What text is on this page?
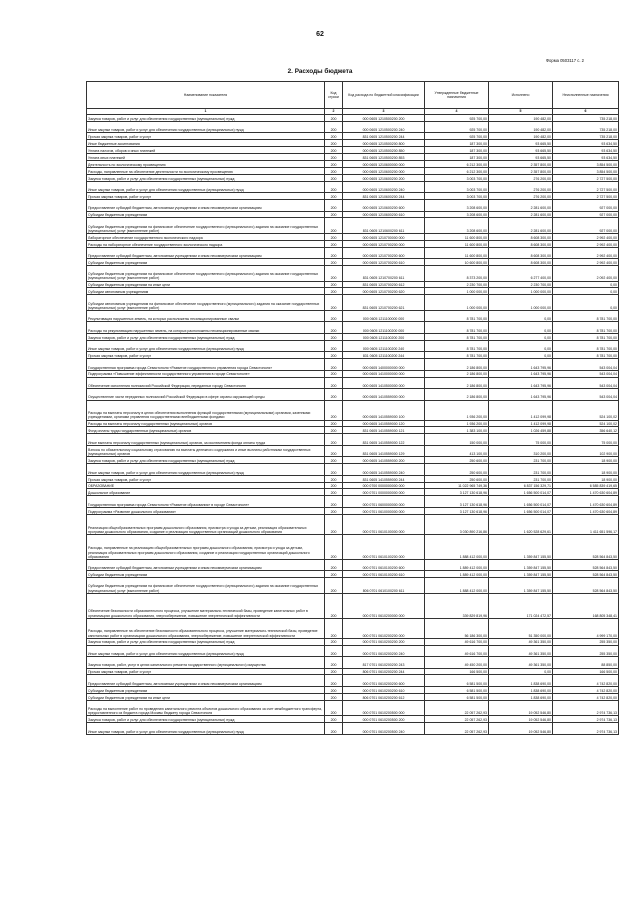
62
Форма 0503117 с. 2
2. Расходы бюджета
Наименование показателя	Код строки	Код расхода по бюджетной классификации	Утвержденные бюджетные назначения	Исполнено	Неисполненные назначения
1	2	3	4	5	6
Закупка товаров, работ и услуг для обеспечения государственных (муниципальных) нужд	200	000 0605 1210500200 200	925 700,00	190 482,00	735 218,00
Иные закупки товаров, работ и услуг для обеспечения государственных (муниципальных) нужд	200	000 0605 1210500200 240	925 700,00	190 482,00	735 218,00
Прочая закупка товаров, работ и услуг	200	831 0605 1210500200 244	925 700,00	190 482,00	735 218,00
Иные бюджетные ассигнования	200	000 0605 1210500200 800	187 300,00	93 665,50	93 634,50
Уплата налогов, сборов и иных платежей	200	000 0605 1210500200 850	187 300,00	93 665,50	93 634,50
Уплата иных платежей	200	831 0605 1210500200 853	187 300,00	93 665,50	93 634,50
Деятельность по экологическому просвещению	200	000 0605 1210600000 000	6 212 300,00	2 357 800,00	3 854 500,00
Расходы, направленные на обеспечение деятельности по экологическому просвещению	200	000 0605 1210600200 000	6 212 300,00	2 357 800,00	3 854 500,00
Закупка товаров, работ и услуг для обеспечения государственных (муниципальных) нужд	200	000 0605 1210600200 200	3 003 700,00	276 200,00	2 727 500,00
Иные закупки товаров, работ и услуг для обеспечения государственных (муниципальных) нужд	200	000 0605 1210600200 240	3 003 700,00	276 200,00	2 727 500,00
Прочая закупка товаров, работ и услуг	200	831 0605 1210600200 244	3 003 700,00	276 200,00	2 727 500,00
Предоставление субсидий бюджетным, автономным учреждениям и иным некоммерческим организациям	200	000 0605 1210600200 600	3 208 600,00	2 281 600,00	927 000,00
Субсидии бюджетным учреждениям	200	000 0605 1210600200 610	3 208 600,00	2 281 600,00	927 000,00
Субсидии бюджетным учреждениям на финансовое обеспечение государственного (муниципального) задания на оказание государственных (муниципальных) услуг (выполнение работ)	200	831 0605 1210600200 611	3 208 600,00	2 281 600,00	927 000,00
Лабораторное обеспечение государственного экологического надзора	200	000 0605 1210700000 000	11 600 800,00	8 608 300,00	2 992 400,00
Расходы на лабораторное обеспечение государственного экологического надзора	200	000 0605 1210700200 000	11 600 800,00	8 608 300,00	2 992 400,00
Предоставление субсидий бюджетным, автономным учреждениям и иным некоммерческим организациям	200	000 0605 1210700200 600	11 600 800,00	8 608 300,00	2 992 400,00
Субсидии бюджетным учреждениям	200	000 0605 1210700200 610	10 600 800,00	8 608 300,00	2 992 400,00
Субсидии бюджетным учреждениям на финансовое обеспечение государственного (муниципального) задания на оказание государственных (муниципальных) услуг (выполнение работ)	200	831 0605 1210700200 611	8 373 200,00	6 277 400,00	2 092 400,00
Субсидии бюджетным учреждениям на иные цели	200	831 0605 1210700200 612	2 230 700,00	2 230 700,00	0,00
Субсидии автономным учреждениям	200	000 0605 1210700200 620	1 000 000,00	1 000 000,00	0,00
Субсидии автономным учреждениям на финансовое обеспечение государственного (муниципального) задания на оказание государственных (муниципальных) услуг (выполнение работ)	200	831 0605 1210700200 621	1 000 000,00	1 000 000,00	0,00
Рекультивация нарушенных земель, на которых расположены несанкционированные свалки	200	000 0605 1211100000 000	8 781 700,00	0,00	8 781 700,00
Расходы на рекультивацию нарушенных земель, на которых расположены несанкционированные свалки	200	000 0605 1211100200 000	8 781 700,00	0,00	8 781 700,00
Закупка товаров, работ и услуг для обеспечения государственных (муниципальных) нужд	200	000 0605 1211100200 200	8 781 700,00	0,00	8 781 700,00
Иные закупки товаров, работ и услуг для обеспечения государственных (муниципальных) нужд	200	000 0605 1211100200 240	8 781 700,00	0,00	8 781 700,00
Прочая закупка товаров, работ и услуг	200	831 0605 1211100200 244	8 781 700,00	0,00	8 781 700,00
Государственная программа города Севастополя «Развитие государственного управления города Севастополя»	200	000 0605 1400000000 000	2 186 800,00	1 643 795,96	543 004,04
Подпрограмма «Повышение эффективности государственного управления в городе Севастополе»	200	000 0605 1410000000 000	2 186 800,00	1 643 795,96	543 004,04
Обеспечение исполнения полномочий Российской Федерации, переданных городу Севастополю	200	000 0605 1410500000 000	2 186 800,00	1 643 795,96	543 004,04
Осуществление части переданных полномочий Российской Федерации в сфере охраны окружающей среды	200	000 0605 1410559000 000	2 186 800,00	1 643 795,96	543 004,04
Расходы на выплаты персоналу в целях обеспечения выполнения функций государственными (муниципальными) органами, казенными учреждениями, органами управления государственными внебюджетными фондами	200	000 0605 1410559000 100	1 936 200,00	1 412 099,98	524 100,02
Расходы на выплаты персоналу государственных (муниципальных) органов	200	000 0605 1410559000 120	1 936 200,00	1 412 099,98	524 100,02
Фонд оплаты труда государственных (муниципальных) органов	200	831 0605 1410559000 121	1 383 100,00	1 026 459,88	356 640,12
Иные выплаты персоналу государственных (муниципальных) органов, за исключением фонда оплаты труда	200	831 0605 1410559000 122	150 000,00	75 000,00	75 000,00
Взносы по обязательному социальному страхованию на выплаты денежного содержания и иные выплаты работникам государственных (муниципальных) органов	200	831 0605 1410559000 129	413 100,00	310 200,00	102 900,00
Закупка товаров, работ и услуг для обеспечения государственных (муниципальных) нужд	200	000 0605 1410559000 200	250 600,00	231 700,00	18 900,00
Иные закупки товаров, работ и услуг для обеспечения государственных (муниципальных) нужд	200	000 0605 1410559000 240	250 600,00	231 700,00	18 900,00
Прочая закупка товаров, работ и услуг	200	831 0605 1410559000 244	250 600,00	231 700,00	18 900,00
ОБРАЗОВАНИЕ	200	000 0700 0000000000 000	11 022 965 749,36	6 837 156 329,71	6 585 839 419,65
Дошкольное образование	200	000 0701 0000000000 000	3 127 130 618,96	1 656 500 014,07	1 470 630 604,89
Государственная программа города Севастополя «Развитие образования» в городе Севастополе»	200	000 0701 0600000000 000	3 127 130 618,96	1 656 500 014,07	1 470 630 604,89
Подпрограмма «Развитие дошкольного образования»	200	000 0701 0610000000 000	3 127 130 618,96	1 656 500 014,07	1 470 630 604,89
Реализация общеобразовательных программ дошкольного образования, присмотра и ухода за детьми, реализация образовательных программ дошкольного образования, создание и реализация государственных организаций дошкольного образования	200	000 0701 0610100000 000	3 030 890 216,86	1 620 528 629,61	1 411 651 596,17
Расходы, направленные на реализацию общеобразовательных программ дошкольного образования, присмотра и ухода за детьми, реализация образовательных программ дошкольного образования, создание и реализация государственных организаций дошкольного образования	200	000 0701 0610100200 000	1 888 412 000,00	1 359 847 155,50	528 564 843,50
Предоставление субсидий бюджетным, автономным учреждениям и иным некоммерческим организациям	200	000 0701 0610100200 600	1 889 412 000,00	1 359 847 155,50	528 564 843,50
Субсидии бюджетным учреждениям	200	000 0701 0610100200 610	1 889 412 000,00	1 359 847 155,50	528 564 843,50
Субсидии бюджетным учреждениям на финансовое обеспечение государственного (муниципального) задания на оказание государственных (муниципальных) услуг (выполнение работ)	200	806 0701 0610100200 611	1 888 412 000,00	1 359 847 155,50	528 564 843,50
Обеспечение безопасности образовательного процесса, улучшение материально-технической базы, проведение капитальных работ в организациях дошкольного образования, энергосбережение, повышение энергетической эффективности	200	000 0701 0610200000 000	339 829 819,96	171 024 472,57	168 805 348,41
Расходы, направленные на обеспечение безопасности образовательного процесса, улучшение материально-технической базы, проведение капитальных работ в организациях дошкольного образования, энергосбережение, повышение энергетической эффективности	200	000 0701 0610200200 000	56 186 300,00	51 350 000,00	4 999 170,00
Закупка товаров, работ и услуг для обеспечения государственных (муниципальных) нужд	200	000 0701 0610200200 200	49 616 700,00	49 361 350,00	255 350,00
Иные закупки товаров, работ и услуг для обеспечения государственных (муниципальных) нужд	200	000 0701 0610200200 240	49 616 700,00	49 361 350,00	255 350,00
Закупка товаров, работ, услуг в целях капитального ремонта государственного (муниципального) имущества	200	817 0701 0610200200 243	49 450 200,00	49 361 350,00	88 850,00
Прочая закупка товаров, работ и услуг	200	806 0701 0610200200 244	166 500,00	0,00	166 500,00
Предоставление субсидий бюджетным, автономным учреждениям и иным некоммерческим организациям	200	000 0701 0610200200 600	6 581 500,00	1 838 690,00	4 742 820,00
Субсидии бюджетным учреждениям	200	000 0701 0610200200 610	6 581 500,00	1 838 690,00	4 742 820,00
Субсидии бюджетным учреждениям на иные цели	200	806 0701 0610200200 612	6 581 500,00	1 838 690,00	4 742 820,00
Расходы на выполнение работ по проведению капитального ремонта объектов дошкольного образования за счет межбюджетного трансферта, предоставленного из бюджета города Москвы бюджету города Севастополя	200	000 0701 0610200500 000	22 057 262,93	19 052 546,80	2 974 736,13
Закупка товаров, работ и услуг для обеспечения государственных (муниципальных) нужд	200	000 0701 0610200500 200	22 057 262,93	19 052 546,80	2 974 736,13
Иные закупки товаров, работ и услуг для обеспечения государственных (муниципальных) нужд	200	000 0701 0610200500 240	22 057 262,93	19 052 546,80	2 974 736,13
